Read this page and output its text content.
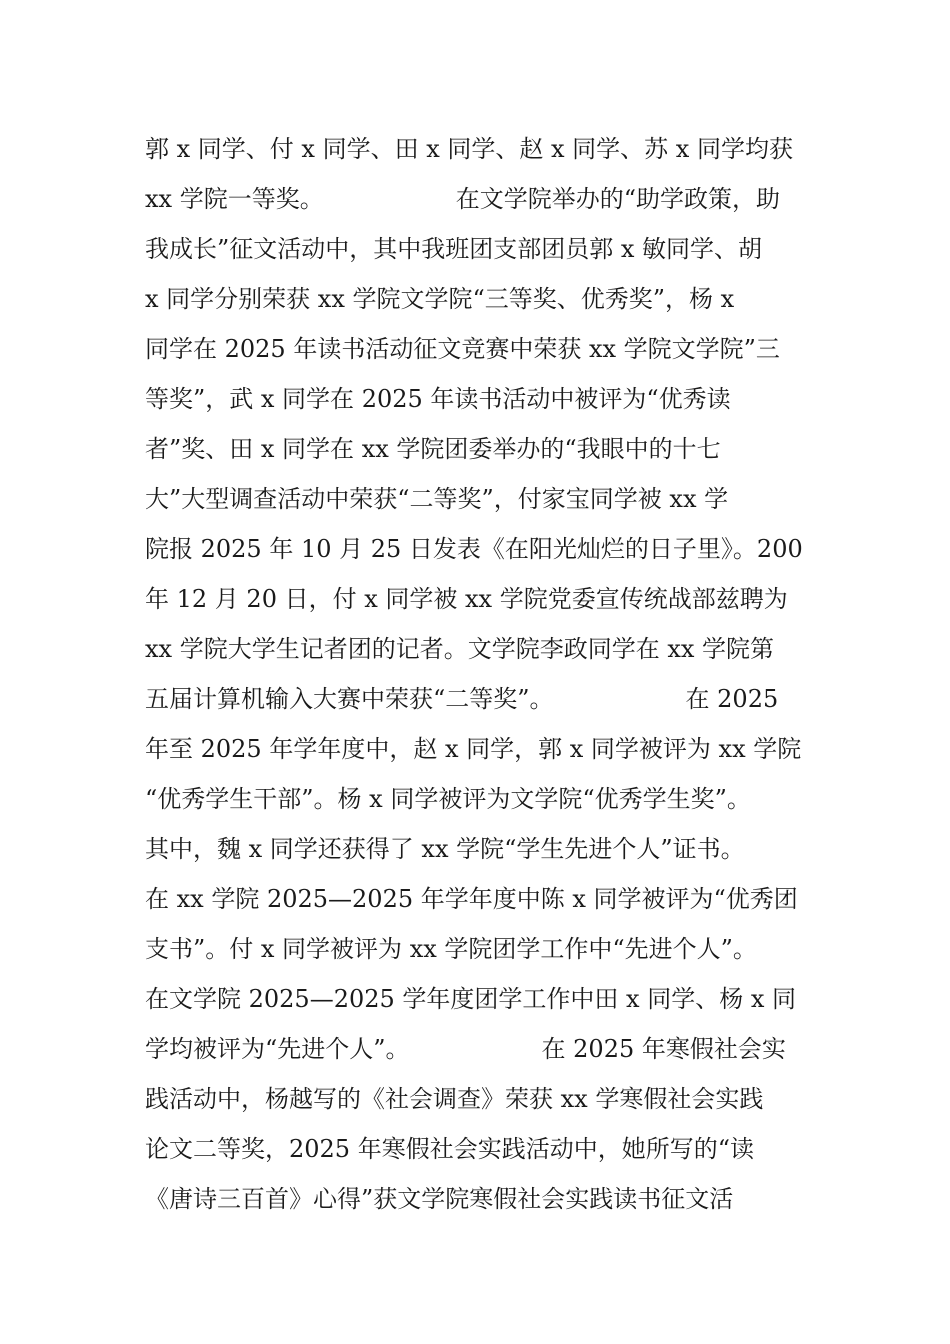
郭 x 同学、付 x 同学、田 x 同学、赵 x 同学、苏 x 同学均获
xx 学院一等奖。　　　　　　在文学院举办的“助学政策，助
我成长”征文活动中，其中我班团支部团员郭 x 敏同学、胡
x 同学分别荣获 xx 学院文学院“三等奖、优秀奖”，杨 x
同学在 2025 年读书活动征文竞赛中荣获 xx 学院文学院”三
等奖”，武 x 同学在 2025 年读书活动中被评为“优秀读
者”奖、田 x 同学在 xx 学院团委举办的“我眼中的十七
大”大型调查活动中荣获“二等奖”，付家宝同学被 xx 学
院报 2025 年 10 月 25 日发表《在阳光灿烂的日子里》。200
年 12 月 20 日，付 x 同学被 xx 学院党委宣传统战部兹聘为
xx 学院大学生记者团的记者。文学院李政同学在 xx 学院第
五届计算机输入大赛中荣获“二等奖”。　　　　　　在 2025
年至 2025 年学年度中，赵 x 同学，郭 x 同学被评为 xx 学院
“优秀学生干部”。杨 x 同学被评为文学院“优秀学生奖”。
其中，魏 x 同学还获得了 xx 学院“学生先进个人”证书。
在 xx 学院 2025—2025 年学年度中陈 x 同学被评为“优秀团
支书”。付 x 同学被评为 xx 学院团学工作中“先进个人”。
在文学院 2025—2025 学年度团学工作中田 x 同学、杨 x 同
学均被评为“先进个人”。　　　　　　在 2025 年寒假社会实
践活动中，杨越写的《社会调查》荣获 xx 学寒假社会实践
论文二等奖，2025 年寒假社会实践活动中，她所写的“读
《唐诗三百首》心得”获文学院寒假社会实践读书征文活
